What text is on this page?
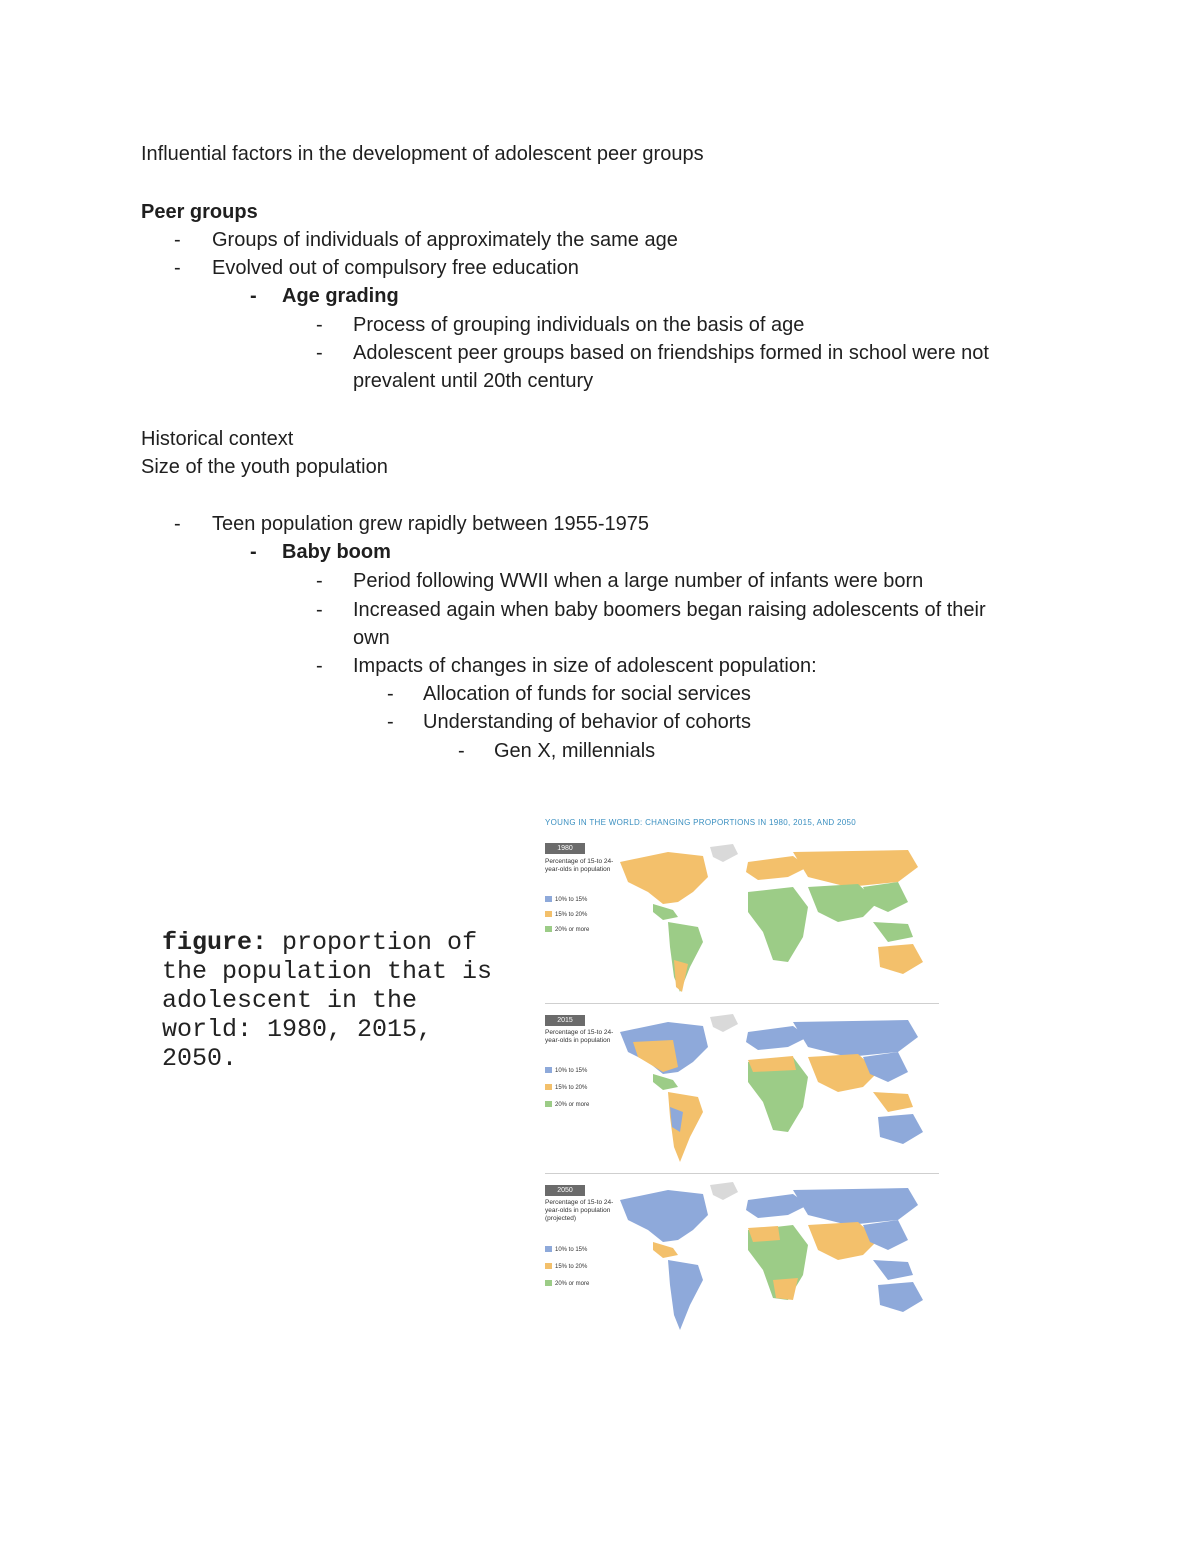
Influential factors in the development of adolescent peer groups
Peer groups
- Groups of individuals of approximately the same age
- Evolved out of compulsory free education
- Age grading
- Process of grouping individuals on the basis of age
- Adolescent peer groups based on friendships formed in school were not
prevalent until 20th century
Historical context
Size of the youth population
- Teen population grew rapidly between 1955-1975
- Baby boom
- Period following WWII when a large number of infants were born
- Increased again when baby boomers began raising adolescents of their
own
- Impacts of changes in size of adolescent population:
- Allocation of funds for social services
- Understanding of behavior of cohorts
- Gen X, millennials
figure: proportion of the population that is adolescent in the world: 1980, 2015, 2050.
YOUNG IN THE WORLD: CHANGING PROPORTIONS IN 1980, 2015, AND 2050
1980
Percentage of 15-to 24-year-olds in population
10% to 15%
15% to 20%
20% or more
2015
Percentage of 15-to 24-year-olds in population
10% to 15%
15% to 20%
20% or more
2050
Percentage of 15-to 24-year-olds in population (projected)
10% to 15%
15% to 20%
20% or more
